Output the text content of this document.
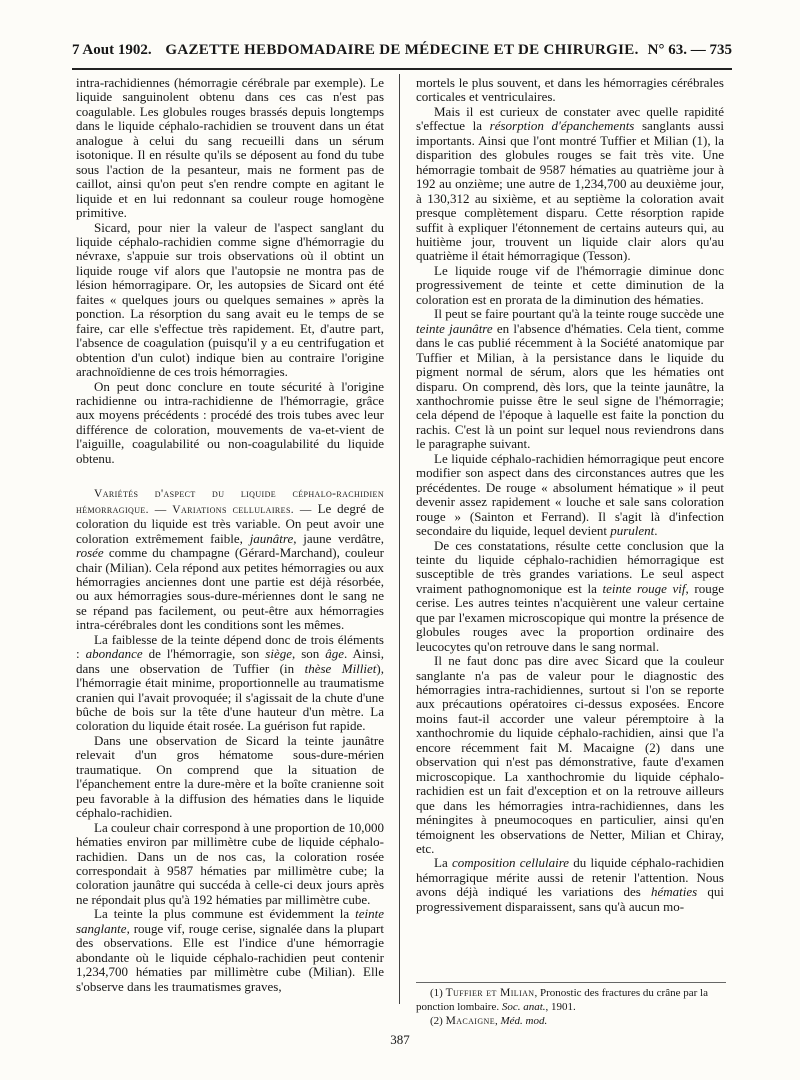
7 Aout 1902. GAZETTE HEBDOMADAIRE DE MÉDECINE ET DE CHIRURGIE. N° 63. — 735

intra-rachidiennes (hémorragie cérébrale par exemple). Le liquide sanguinolent obtenu dans ces cas n'est pas coagulable. Les globules rouges brassés depuis longtemps dans le liquide céphalo-rachidien se trouvent dans un état analogue à celui du sang recueilli dans un sérum isotonique. Il en résulte qu'ils se déposent au fond du tube sous l'action de la pesanteur, mais ne forment pas de caillot, ainsi qu'on peut s'en rendre compte en agitant le liquide et en lui redonnant sa couleur rouge homogène primitive.

Sicard, pour nier la valeur de l'aspect sanglant du liquide céphalo-rachidien comme signe d'hémorragie du névraxe, s'appuie sur trois observations où il obtint un liquide rouge vif alors que l'autopsie ne montra pas de lésion hémorragipare. Or, les autopsies de Sicard ont été faites « quelques jours ou quelques semaines » après la ponction. La résorption du sang avait eu le temps de se faire, car elle s'effectue très rapidement. Et, d'autre part, l'absence de coagulation (puisqu'il y a eu centrifugation et obtention d'un culot) indique bien au contraire l'origine arachnoïdienne de ces trois hémorragies.

On peut donc conclure en toute sécurité à l'origine rachidienne ou intra-rachidienne de l'hémorragie, grâce aux moyens précédents : procédé des trois tubes avec leur différence de coloration, mouvements de va-et-vient de l'aiguille, coagulabilité ou non-coagulabilité du liquide obtenu.

Variétés d'aspect du liquide céphalo-rachidien hémorragique. — Variations cellulaires. — Le degré de coloration du liquide est très variable. On peut avoir une coloration extrêmement faible, jaunâtre, jaune verdâtre, rosée comme du champagne (Gérard-Marchand), couleur chair (Milian). Cela répond aux petites hémorragies ou aux hémorragies anciennes dont une partie est déjà résorbée, ou aux hémorragies sous-dure-mériennes dont le sang ne se répand pas facilement, ou peut-être aux hémorragies intra-cérébrales dont les conditions sont les mêmes.

La faiblesse de la teinte dépend donc de trois éléments : abondance de l'hémorragie, son siège, son âge. Ainsi, dans une observation de Tuffier (in thèse Milliet), l'hémorragie était minime, proportionnelle au traumatisme cranien qui l'avait provoquée; il s'agissait de la chute d'une bûche de bois sur la tête d'une hauteur d'un mètre. La coloration du liquide était rosée. La guérison fut rapide.

Dans une observation de Sicard la teinte jaunâtre relevait d'un gros hématome sous-dure-mérien traumatique. On comprend que la situation de l'épanchement entre la dure-mère et la boîte cranienne soit peu favorable à la diffusion des hématies dans le liquide céphalo-rachidien.

La couleur chair correspond à une proportion de 10,000 hématies environ par millimètre cube de liquide céphalo-rachidien. Dans un de nos cas, la coloration rosée correspondait à 9587 hématies par millimètre cube; la coloration jaunâtre qui succéda à celle-ci deux jours après ne répondait plus qu'à 192 hématies par millimètre cube.

La teinte la plus commune est évidemment la teinte sanglante, rouge vif, rouge cerise, signalée dans la plupart des observations. Elle est l'indice d'une hémorragie abondante où le liquide céphalo-rachidien peut contenir 1,234,700 hématies par millimètre cube (Milian). Elle s'observe dans les traumatismes graves,

mortels le plus souvent, et dans les hémorragies cérébrales corticales et ventriculaires.

Mais il est curieux de constater avec quelle rapidité s'effectue la résorption d'épanchements sanglants aussi importants. Ainsi que l'ont montré Tuffier et Milian (1), la disparition des globules rouges se fait très vite. Une hémorragie tombait de 9587 hématies au quatrième jour à 192 au onzième; une autre de 1,234,700 au deuxième jour, à 130,312 au sixième, et au septième la coloration avait presque complètement disparu. Cette résorption rapide suffit à expliquer l'étonnement de certains auteurs qui, au huitième jour, trouvent un liquide clair alors qu'au quatrième il était hémorragique (Tesson).

Le liquide rouge vif de l'hémorragie diminue donc progressivement de teinte et cette diminution de la coloration est en prorata de la diminution des hématies.

Il peut se faire pourtant qu'à la teinte rouge succède une teinte jaunâtre en l'absence d'hématies. Cela tient, comme dans le cas publié récemment à la Société anatomique par Tuffier et Milian, à la persistance dans le liquide du pigment normal de sérum, alors que les hématies ont disparu. On comprend, dès lors, que la teinte jaunâtre, la xanthochromie puisse être le seul signe de l'hémorragie; cela dépend de l'époque à laquelle est faite la ponction du rachis. C'est là un point sur lequel nous reviendrons dans le paragraphe suivant.

Le liquide céphalo-rachidien hémorragique peut encore modifier son aspect dans des circonstances autres que les précédentes. De rouge « absolument hématique » il peut devenir assez rapidement « louche et sale sans coloration rouge » (Sainton et Ferrand). Il s'agit là d'infection secondaire du liquide, lequel devient purulent.

De ces constatations, résulte cette conclusion que la teinte du liquide céphalo-rachidien hémorragique est susceptible de très grandes variations. Le seul aspect vraiment pathognomonique est la teinte rouge vif, rouge cerise. Les autres teintes n'acquièrent une valeur certaine que par l'examen microscopique qui montre la présence de globules rouges avec la proportion ordinaire des leucocytes qu'on retrouve dans le sang normal.

Il ne faut donc pas dire avec Sicard que la couleur sanglante n'a pas de valeur pour le diagnostic des hémorragies intra-rachidiennes, surtout si l'on se reporte aux précautions opératoires ci-dessus exposées. Encore moins faut-il accorder une valeur péremptoire à la xanthochromie du liquide céphalo-rachidien, ainsi que l'a encore récemment fait M. Macaigne (2) dans une observation qui n'est pas démonstrative, faute d'examen microscopique. La xanthochromie du liquide céphalo-rachidien est un fait d'exception et on la retrouve ailleurs que dans les hémorragies intra-rachidiennes, dans les méningites à pneumocoques en particulier, ainsi qu'en témoignent les observations de Netter, Milian et Chiray, etc.

La composition cellulaire du liquide céphalo-rachidien hémorragique mérite aussi de retenir l'attention. Nous avons déjà indiqué les variations des hématies qui progressivement disparaissent, sans qu'à aucun mo-

(1) Tuffier et Milian, Pronostic des fractures du crâne par la ponction lombaire. Soc. anat., 1901.
(2) Macaigne, Méd. mod.
387
